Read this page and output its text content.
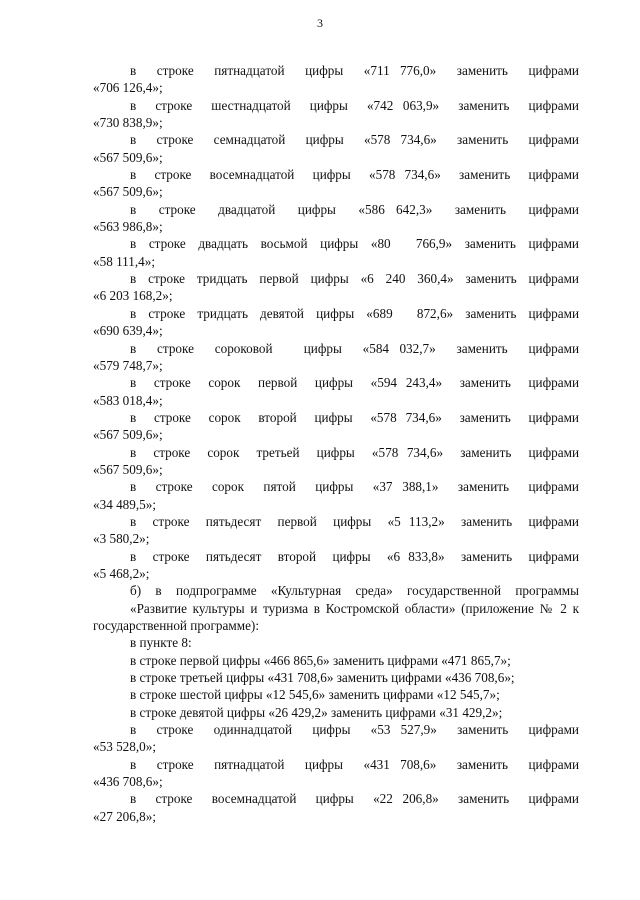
3

в  строке  пятнадцатой  цифры  «711 776,0»  заменить  цифрами

«706 126,4»;

в  строке  шестнадцатой  цифры  «742 063,9»  заменить  цифрами

«730 838,9»;

в  строке  семнадцатой  цифры  «578 734,6»  заменить  цифрами

«567 509,6»;

в  строке  восемнадцатой  цифры  «578 734,6»  заменить  цифрами

«567 509,6»;

в  строке  двадцатой  цифры  «586 642,3»  заменить  цифрами

«563 986,8»;

в строке двадцать восьмой цифры «80  766,9» заменить цифрами

«58 111,4»;

в строке тридцать первой цифры «6 240 360,4» заменить цифрами

«6 203 168,2»;

в строке тридцать девятой цифры «689  872,6» заменить цифрами

«690 639,4»;

в  строке  сороковой   цифры  «584 032,7»  заменить  цифрами

«579 748,7»;

в  строке  сорок  первой  цифры  «594 243,4»  заменить  цифрами

«583 018,4»;

в  строке  сорок  второй  цифры  «578 734,6»  заменить  цифрами

«567 509,6»;

в  строке  сорок  третьей  цифры  «578 734,6»  заменить  цифрами

«567 509,6»;

в  строке  сорок  пятой  цифры  «37 388,1»  заменить  цифрами

«34 489,5»;

в  строке  пятьдесят  первой  цифры  «5 113,2»  заменить  цифрами

«3 580,2»;

в  строке  пятьдесят  второй  цифры  «6 833,8»  заменить  цифрами

«5 468,2»;

б) в подпрограмме «Культурная среда» государственной программы

«Развитие культуры и туризма в Костромской области» (приложение № 2 к

государственной программе):

в пункте 8:

в строке первой цифры «466 865,6» заменить цифрами «471 865,7»;

в строке третьей цифры «431 708,6» заменить цифрами «436 708,6»;

в строке шестой цифры «12 545,6» заменить цифрами «12 545,7»;

в строке девятой цифры «26 429,2» заменить цифрами «31 429,2»;

в  строке  одиннадцатой  цифры  «53 527,9»  заменить  цифрами

«53 528,0»;

в  строке  пятнадцатой  цифры  «431 708,6»  заменить  цифрами

«436 708,6»;

в  строке  восемнадцатой  цифры  «22 206,8»  заменить  цифрами

«27 206,8»;
